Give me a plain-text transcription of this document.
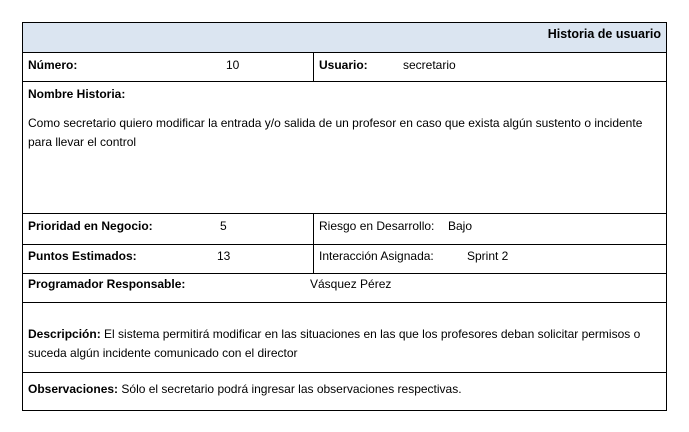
Historia de usuario
Número:	10	Usuario:	secretario
Nombre Historia:
Como secretario quiero modificar la entrada y/o salida de un profesor en caso que exista algún sustento o incidente para llevar el control
Prioridad en Negocio:	5	Riesgo en Desarrollo: Bajo
Puntos Estimados:	13	Interacción Asignada:	Sprint 2
Programador Responsable:	Vásquez Pérez
Descripción: El sistema permitirá modificar en las situaciones en las que los profesores deban solicitar permisos o suceda algún incidente comunicado con el director
Observaciones: Sólo el secretario podrá ingresar las observaciones respectivas.
